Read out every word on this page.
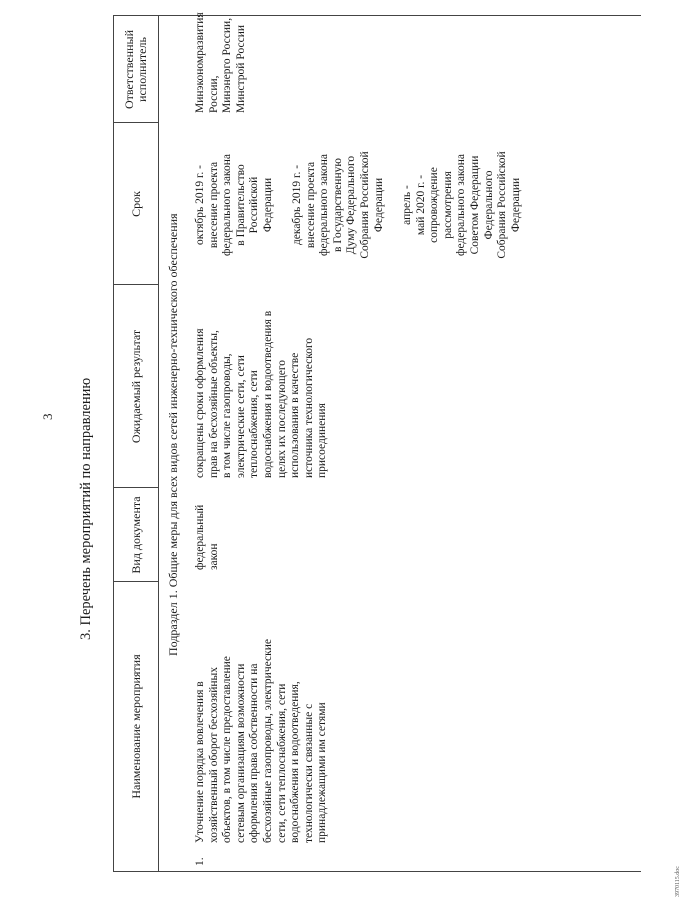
3 3. Перечень мероприятий по направлению
Наименование мероприятия
Вид документа
Ожидаемый результат
Срок
Ответственный исполнитель
Подраздел 1. Общие меры для всех видов сетей инженерно-технического обеспечения
1.
Уточнение порядка вовлечения в хозяйственный оборот бесхозяйных объектов, в том числе предоставление сетевым организациям возможности оформления права собственности на бесхозяйные газопроводы, электрические сети, сети теплоснабжения, сети водоснабжения и водоотведения, технологически связанные с принадлежащими им сетями
федеральный закон
сокращены сроки оформления прав на бесхозяйные объекты, в том числе газопроводы, электрические сети, сети теплоснабжения, сети водоснабжения и водоотведения в целях их последующего использования в качестве источника технологического присоединения
октябрь 2019 г. - внесение проекта федерального закона в Правительство Российской Федерации декабрь 2019 г. - внесение проекта федерального закона в Государственную Думу Федерального Собрания Российской Федерации апрель - май 2020 г. - сопровождение рассмотрения федерального закона Советом Федерации Федерального Собрания Российской Федерации
Минэкономразвития России, Минэнерго России, Минстрой России
3970115.doc
